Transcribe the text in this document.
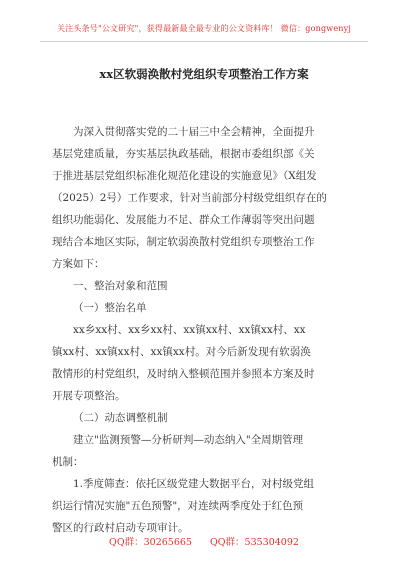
关注头条号"公文研究"，获得最新最全最专业的公文资料库！ 微信：gongwenyj
xx区软弱涣散村党组织专项整治工作方案
为深入贯彻落实党的二十届三中全会精神，全面提升
基层党建质量，夯实基层执政基础，根据市委组织部《关
于推进基层党组织标准化规范化建设的实施意见》（X组发
（2025）2号）工作要求，针对当前部分村级党组织存在的
组织功能弱化、发展能力不足、群众工作薄弱等突出问题
现结合本地区实际，制定软弱涣散村党组织专项整治工作
方案如下：
一、整治对象和范围
（一）整治名单
xx乡xx村、xx乡xx村、xx镇xx村、xx镇xx村、xx
镇xx村、xx镇xx村、xx镇xx村。对今后新发现有软弱涣
散情形的村党组织，及时纳入整顿范围并参照本方案及时
开展专项整治。
（二）动态调整机制
建立"监测预警—分析研判—动态纳入"全周期管理
机制：
1.季度筛查：依托区级党建大数据平台，对村级党组
织运行情况实施"五色预警"，对连续两季度处于红色预
警区的行政村启动专项审计。
QQ群：30265665 QQ群：535304092
